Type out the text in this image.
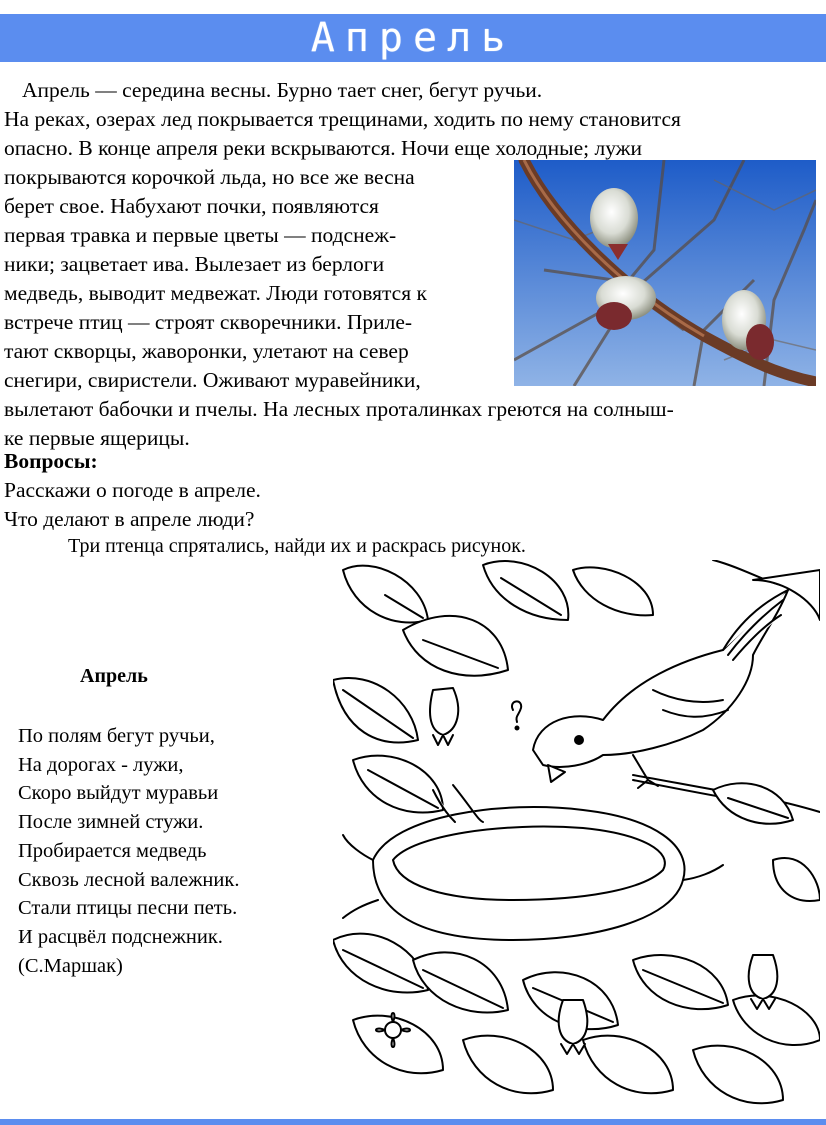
Апрель
Апрель — середина весны. Бурно тает снег, бегут ручьи.
На реках, озерах лед покрывается трещинами, ходить по нему становится
опасно. В конце апреля реки вскрываются. Ночи еще холодные; лужи
покрываются корочкой льда, но все же весна
берет свое. Набухают почки, появляются
первая травка и первые цветы — подснеж-
ники; зацветает ива. Вылезает из берлоги
медведь, выводит медвежат. Люди готовятся к
встрече птиц — строят скворечники. Приле-
тают скворцы, жаворонки, улетают на север
снегири, свиристели. Оживают муравейники,
вылетают бабочки и пчелы. На лесных проталинках греются на солныш-
ке первые ящерицы.
Вопросы:
Расскажи о погоде в апреле.
Что делают в апреле люди?
Три птенца спрятались, найди их и раскрась рисунок.
Апрель
По полям бегут ручьи,
На дорогах - лужи,
Скоро выйдут муравьи
После зимней стужи.
Пробирается медведь
Сквозь лесной валежник.
Стали птицы песни петь.
И расцвёл подснежник.
(С.Маршак)
